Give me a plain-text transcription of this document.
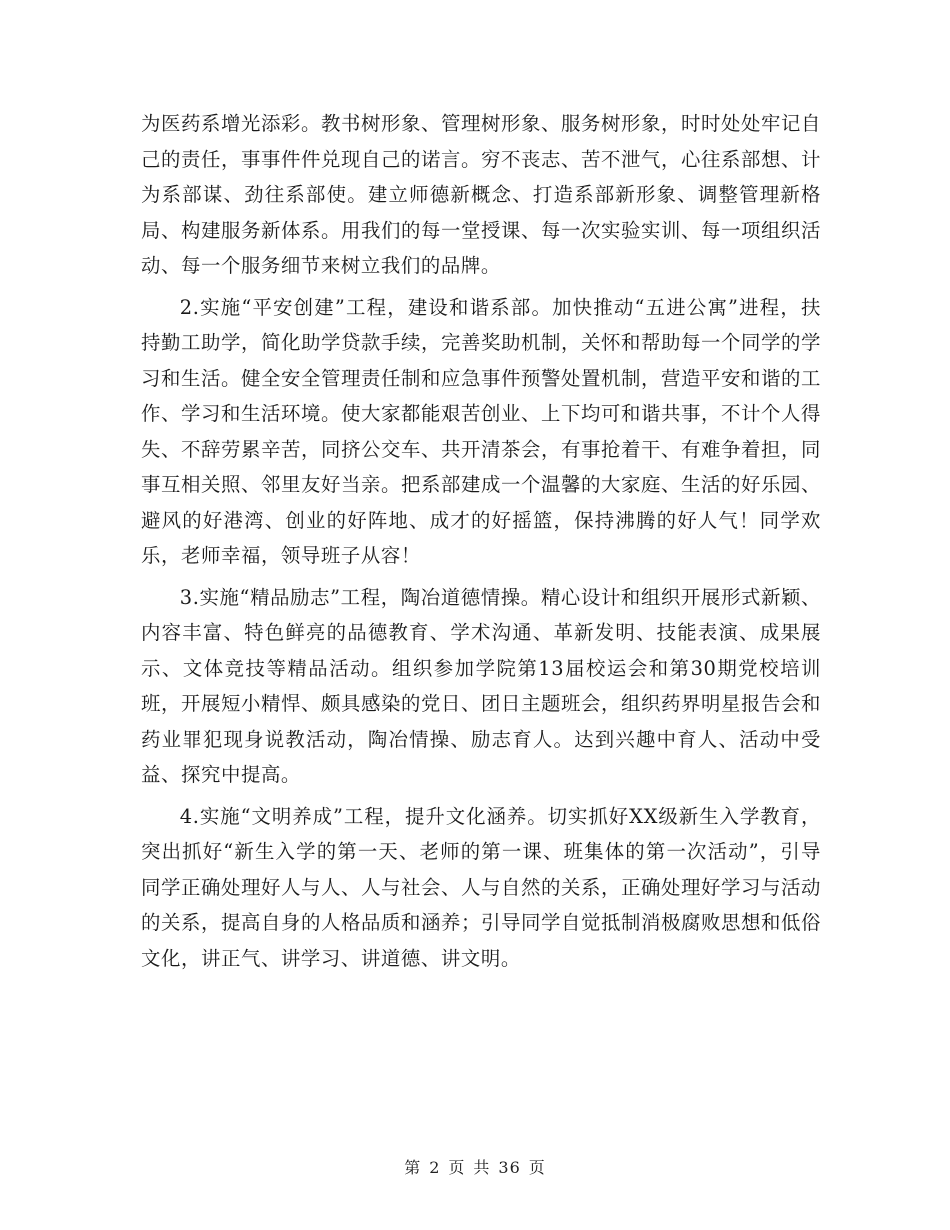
为医药系增光添彩。教书树形象、管理树形象、服务树形象，时时处处牢记自己的责任，事事件件兑现自己的诺言。穷不丧志、苦不泄气，心往系部想、计为系部谋、劲往系部使。建立师德新概念、打造系部新形象、调整管理新格局、构建服务新体系。用我们的每一堂授课、每一次实验实训、每一项组织活动、每一个服务细节来树立我们的品牌。

2.实施“平安创建”工程，建设和谐系部。加快推动“五进公寓”进程，扶持勤工助学，简化助学贷款手续，完善奖助机制，关怀和帮助每一个同学的学习和生活。健全安全管理责任制和应急事件预警处置机制，营造平安和谐的工作、学习和生活环境。使大家都能艰苦创业、上下均可和谐共事，不计个人得失、不辞劳累辛苦，同挤公交车、共开清茶会，有事抢着干、有难争着担，同事互相关照、邻里友好当亲。把系部建成一个温馨的大家庭、生活的好乐园、避风的好港湾、创业的好阵地、成才的好摇篮，保持沸腾的好人气！同学欢乐，老师幸福，领导班子从容！

3.实施“精品励志”工程，陶冶道德情操。精心设计和组织开展形式新颖、内容丰富、特色鲜亮的品德教育、学术沟通、革新发明、技能表演、成果展示、文体竞技等精品活动。组织参加学院第13届校运会和第30期党校培训班，开展短小精悍、颇具感染的党日、团日主题班会，组织药界明星报告会和药业罪犯现身说教活动，陶冶情操、励志育人。达到兴趣中育人、活动中受益、探究中提高。

4.实施“文明养成”工程，提升文化涵养。切实抓好XX级新生入学教育，突出抓好“新生入学的第一天、老师的第一课、班集体的第一次活动”，引导同学正确处理好人与人、人与社会、人与自然的关系，正确处理好学习与活动的关系，提高自身的人格品质和涵养；引导同学自觉抵制消极腐败思想和低俗文化，讲正气、讲学习、讲道德、讲文明。

第 2 页 共 36 页
